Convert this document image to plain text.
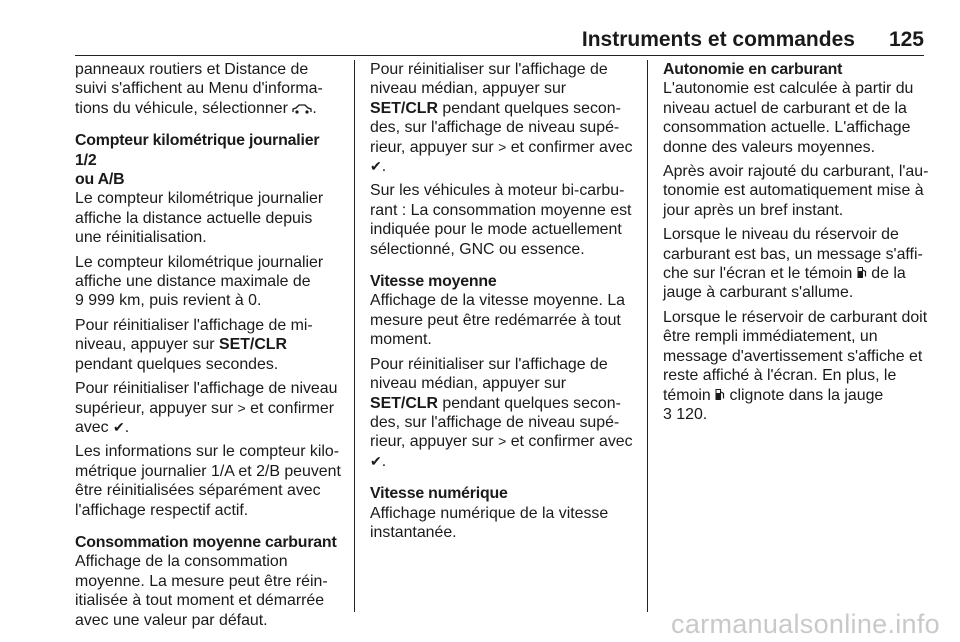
Instruments et commandes 125
panneaux routiers et Distance de
suivi s'affichent au Menu d'informa-
tions du véhicule, sélectionner .
Compteur kilométrique journalier 1/2
ou A/B
Le compteur kilométrique journalier
affiche la distance actuelle depuis
une réinitialisation.
Le compteur kilométrique journalier
affiche une distance maximale de
9 999 km, puis revient à 0.
Pour réinitialiser l'affichage de mi-
niveau, appuyer sur SET/CLR
pendant quelques secondes.
Pour réinitialiser l'affichage de niveau
supérieur, appuyer sur > et confirmer
avec ✔.
Les informations sur le compteur kilo-
métrique journalier 1/A et 2/B peuvent
être réinitialisées séparément avec
l'affichage respectif actif.
Consommation moyenne carburant
Affichage de la consommation
moyenne. La mesure peut être réin-
itialisée à tout moment et démarrée
avec une valeur par défaut.
Pour réinitialiser sur l'affichage de
niveau médian, appuyer sur
SET/CLR pendant quelques secon-
des, sur l'affichage de niveau supé-
rieur, appuyer sur > et confirmer avec
✔.
Sur les véhicules à moteur bi-carbu-
rant : La consommation moyenne est
indiquée pour le mode actuellement
sélectionné, GNC ou essence.
Vitesse moyenne
Affichage de la vitesse moyenne. La
mesure peut être redémarrée à tout
moment.
Pour réinitialiser sur l'affichage de
niveau médian, appuyer sur
SET/CLR pendant quelques secon-
des, sur l'affichage de niveau supé-
rieur, appuyer sur > et confirmer avec
✔.
Vitesse numérique
Affichage numérique de la vitesse
instantanée.
Autonomie en carburant
L'autonomie est calculée à partir du
niveau actuel de carburant et de la
consommation actuelle. L'affichage
donne des valeurs moyennes.
Après avoir rajouté du carburant, l'au-
tonomie est automatiquement mise à
jour après un bref instant.
Lorsque le niveau du réservoir de
carburant est bas, un message s'affi-
che sur l'écran et le témoin de la
jauge à carburant s'allume.
Lorsque le réservoir de carburant doit
être rempli immédiatement, un
message d'avertissement s'affiche et
reste affiché à l'écran. En plus, le
témoin clignote dans la jauge
3 120.
carmanualsonline.info
